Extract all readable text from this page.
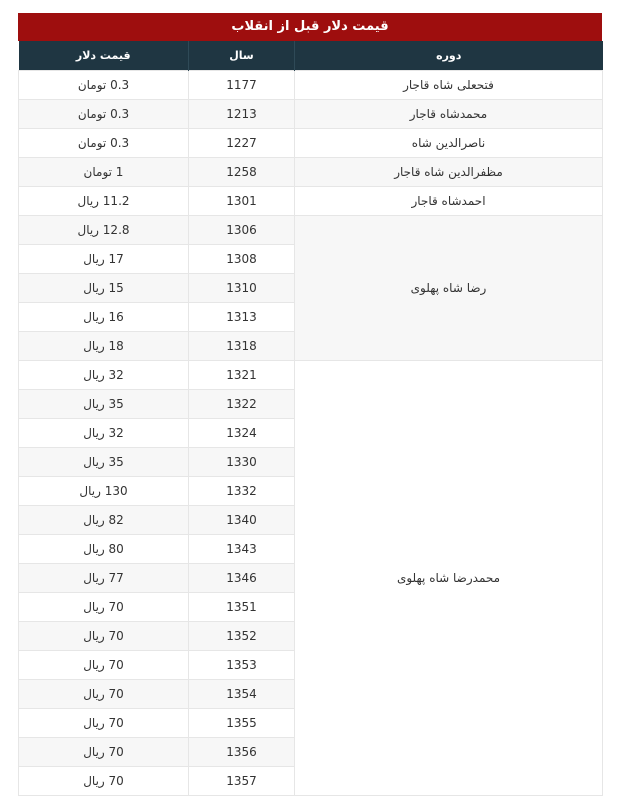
قیمت دلار قبل از انقلاب
دوره	سال	قیمت دلار
فتحعلی شاه قاجار	1177	0.3 تومان
محمدشاه قاجار	1213	0.3 تومان
ناصرالدین شاه	1227	0.3 تومان
مظفرالدین شاه قاجار	1258	1 تومان
احمدشاه قاجار	1301	11.2 ریال
رضا شاه پهلوی	1306	12.8 ریال
	1308	17 ریال
	1310	15 ریال
	1313	16 ریال
	1318	18 ریال
محمدرضا شاه پهلوی	1321	32 ریال
	1322	35 ریال
	1324	32 ریال
	1330	35 ریال
	1332	130 ریال
	1340	82 ریال
	1343	80 ریال
	1346	77 ریال
	1351	70 ریال
	1352	70 ریال
	1353	70 ریال
	1354	70 ریال
	1355	70 ریال
	1356	70 ریال
	1357	70 ریال
